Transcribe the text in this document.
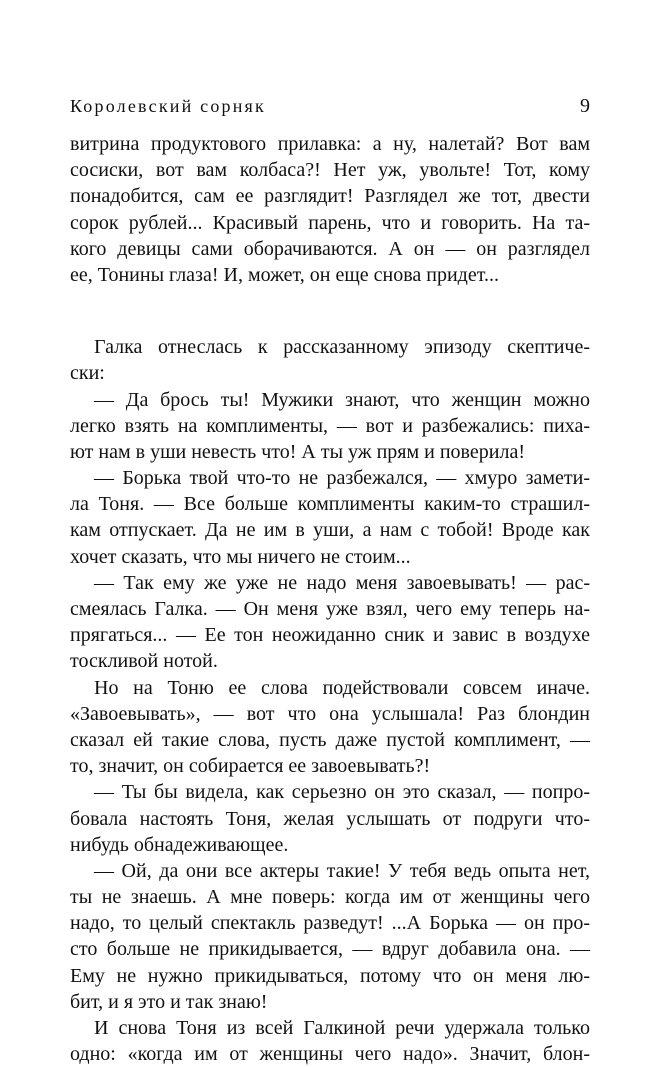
Королевский сорняк	9
витрина продуктового прилавка: а ну, налетай? Вот вам
сосиски, вот вам колбаса?! Нет уж, увольте! Тот, кому
понадобится, сам ее разглядит! Разглядел же тот, двести
сорок рублей... Красивый парень, что и говорить. На та-
кого девицы сами оборачиваются. А он — он разглядел
ее, Тонины глаза! И, может, он еще снова придет...
Галка отнеслась к рассказанному эпизоду скептиче-
ски:
— Да брось ты! Мужики знают, что женщин можно
легко взять на комплименты, — вот и разбежались: пиха-
ют нам в уши невесть что! А ты уж прям и поверила!
— Борька твой что-то не разбежался, — хмуро замети-
ла Тоня. — Все больше комплименты каким-то страшил-
кам отпускает. Да не им в уши, а нам с тобой! Вроде как
хочет сказать, что мы ничего не стоим...
— Так ему же уже не надо меня завоевывать! — рас-
смеялась Галка. — Он меня уже взял, чего ему теперь на-
прягаться... — Ее тон неожиданно сник и завис в воздухе
тоскливой нотой.
Но на Тоню ее слова подействовали совсем иначе.
«Завоевывать», — вот что она услышала! Раз блондин
сказал ей такие слова, пусть даже пустой комплимент, —
то, значит, он собирается ее завоевывать?!
— Ты бы видела, как серьезно он это сказал, — попро-
бовала настоять Тоня, желая услышать от подруги что-
нибудь обнадеживающее.
— Ой, да они все актеры такие! У тебя ведь опыта нет,
ты не знаешь. А мне поверь: когда им от женщины чего
надо, то целый спектакль разведут! ...А Борька — он про-
сто больше не прикидывается, — вдруг добавила она. —
Ему не нужно прикидываться, потому что он меня лю-
бит, и я это и так знаю!
И снова Тоня из всей Галкиной речи удержала только
одно: «когда им от женщины чего надо». Значит, блон-
